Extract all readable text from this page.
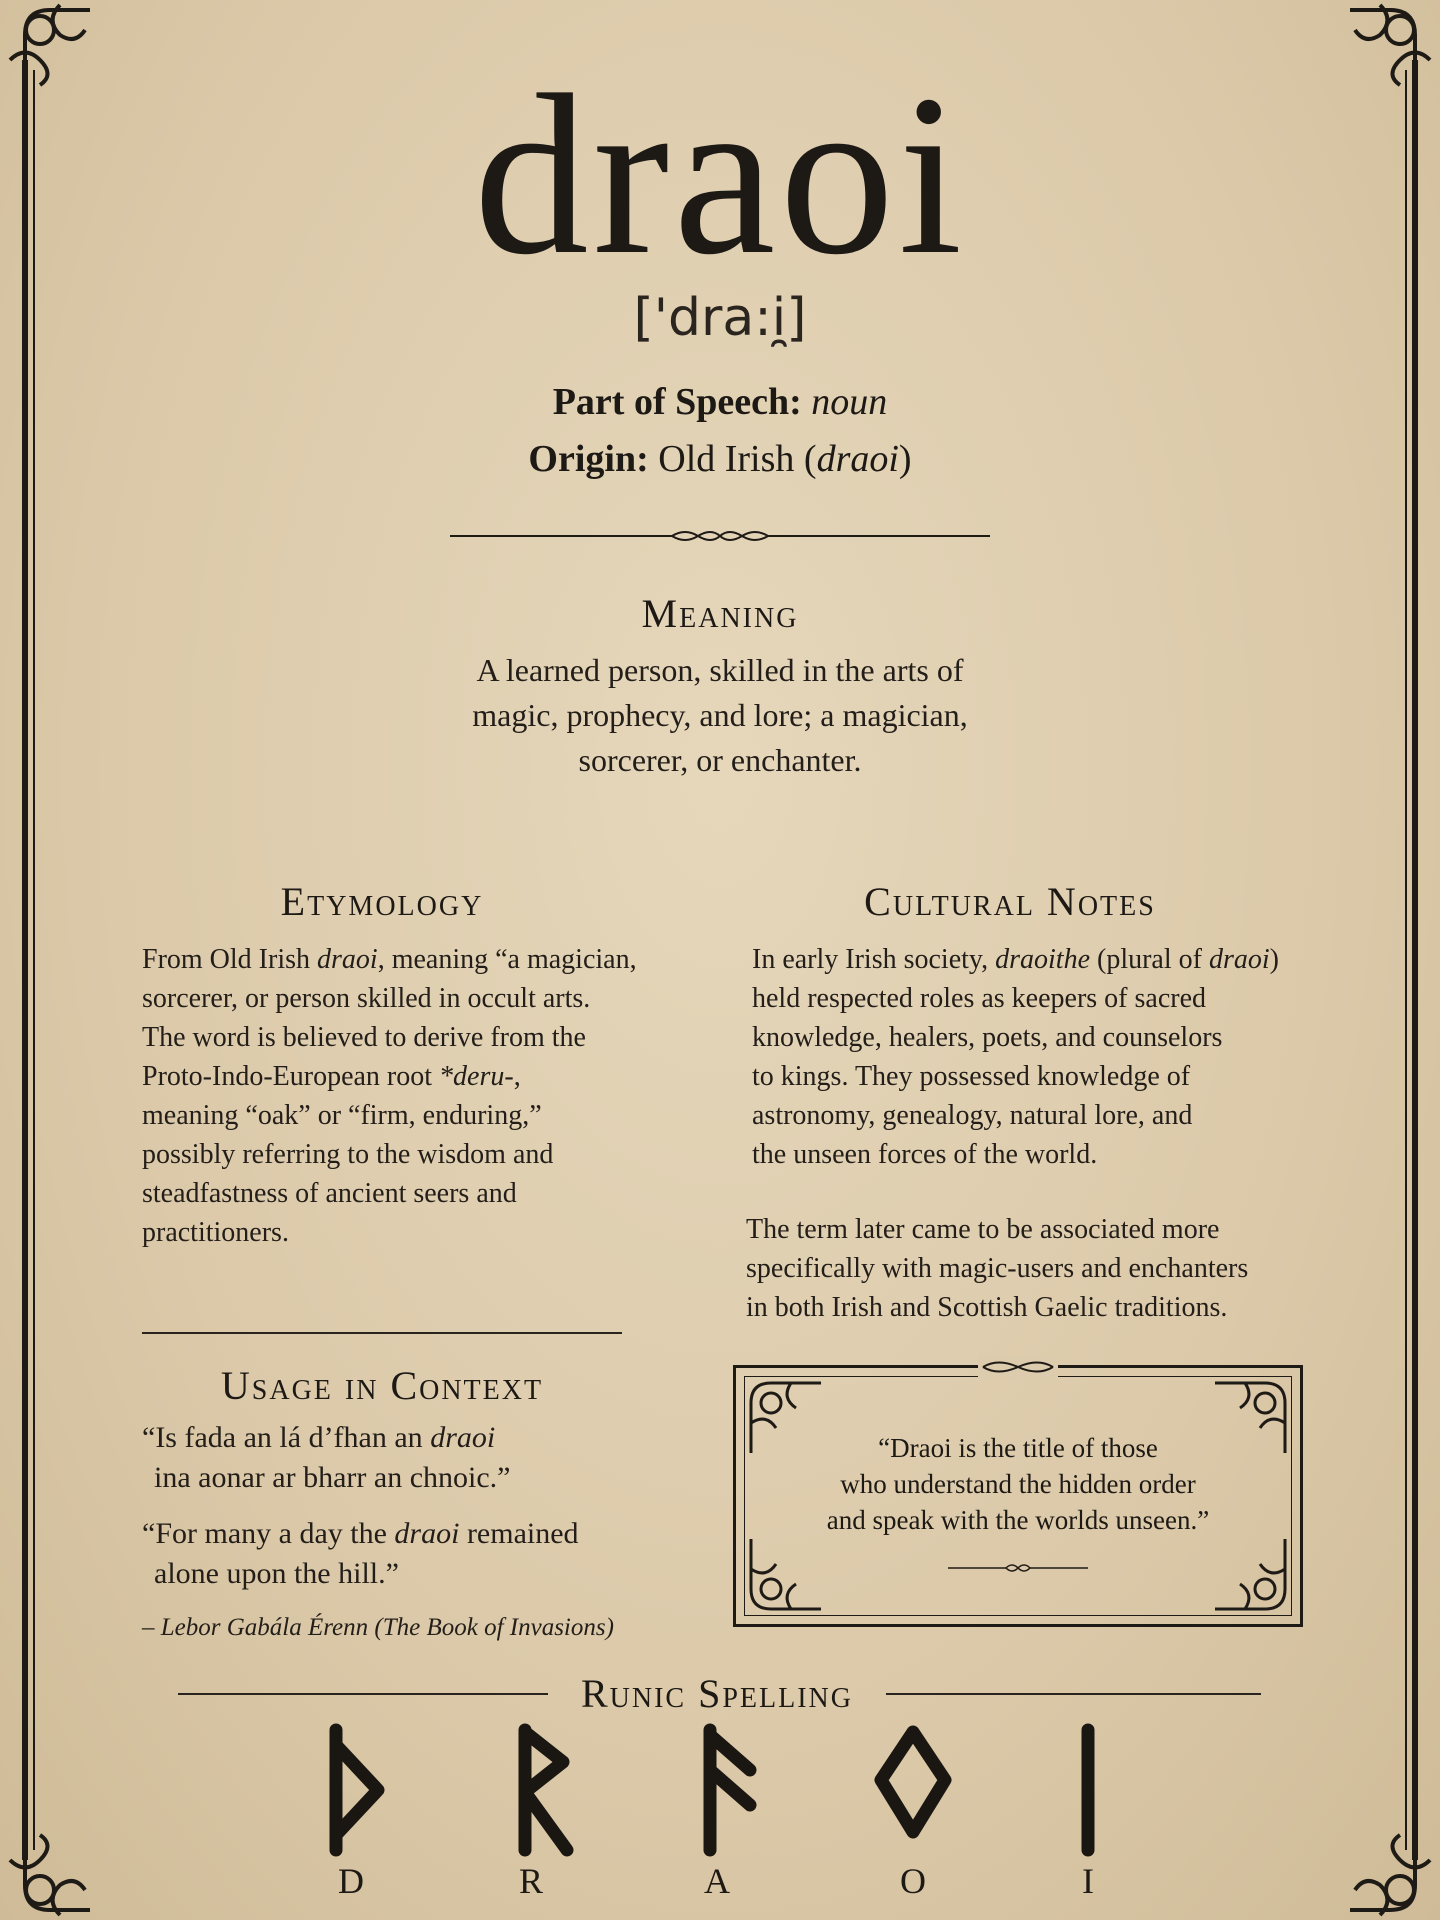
draoi
['dra:i̯]
Part of Speech: noun
Origin: Old Irish (draoi)
Meaning
A learned person, skilled in the arts of
magic, prophecy, and lore; a magician,
sorcerer, or enchanter.
Etymology
From Old Irish draoi, meaning “a magician,
sorcerer, or person skilled in occult arts.
The word is believed to derive from the
Proto-Indo-European root *deru-,
meaning “oak” or “firm, enduring,”
possibly referring to the wisdom and
steadfastness of ancient seers and
practitioners.
Cultural Notes
In early Irish society, draoithe (plural of draoi)
held respected roles as keepers of sacred
knowledge, healers, poets, and counselors
to kings. They possessed knowledge of
astronomy, genealogy, natural lore, and
the unseen forces of the world.
The term later came to be associated more
specifically with magic-users and enchanters
in both Irish and Scottish Gaelic traditions.
Usage in Context
“Is fada an lá d’fhan an draoi
ina aonar ar bharr an chnoic.”
“For many a day the draoi remained
alone upon the hill.”
– Lebor Gabála Érenn (The Book of Invasions)
“Draoi is the title of those
who understand the hidden order
and speak with the worlds unseen.”
Runic Spelling
D	R	A	O	I
